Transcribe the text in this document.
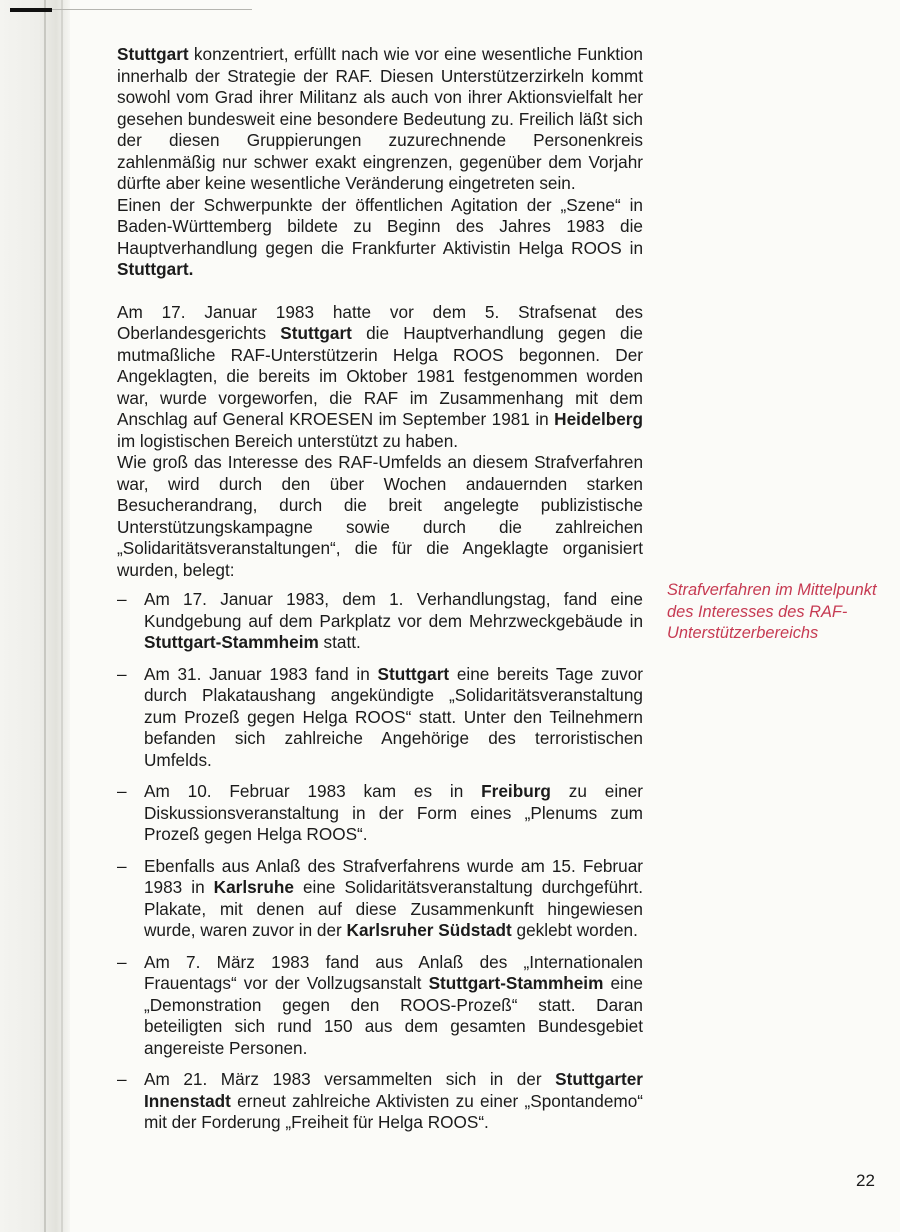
Stuttgart konzentriert, erfüllt nach wie vor eine wesentliche Funktion innerhalb der Strategie der RAF. Diesen Unterstützerzirkeln kommt sowohl vom Grad ihrer Militanz als auch von ihrer Aktionsvielfalt her gesehen bundesweit eine besondere Bedeutung zu. Freilich läßt sich der diesen Gruppierungen zuzurechnende Personenkreis zahlenmäßig nur schwer exakt eingrenzen, gegenüber dem Vorjahr dürfte aber keine wesentliche Veränderung eingetreten sein.

Einen der Schwerpunkte der öffentlichen Agitation der „Szene“ in Baden-Württemberg bildete zu Beginn des Jahres 1983 die Hauptverhandlung gegen die Frankfurter Aktivistin Helga ROOS in Stuttgart.

Am 17. Januar 1983 hatte vor dem 5. Strafsenat des Oberlandesgerichts Stuttgart die Hauptverhandlung gegen die mutmaßliche RAF-Unterstützerin Helga ROOS begonnen. Der Angeklagten, die bereits im Oktober 1981 festgenommen worden war, wurde vorgeworfen, die RAF im Zusammenhang mit dem Anschlag auf General KROESEN im September 1981 in Heidelberg im logistischen Bereich unterstützt zu haben.

Wie groß das Interesse des RAF-Umfelds an diesem Strafverfahren war, wird durch den über Wochen andauernden starken Besucherandrang, durch die breit angelegte publizistische Unterstützungskampagne sowie durch die zahlreichen „Solidaritätsveranstaltungen“, die für die Angeklagte organisiert wurden, belegt:

– Am 17. Januar 1983, dem 1. Verhandlungstag, fand eine Kundgebung auf dem Parkplatz vor dem Mehrzweckgebäude in Stuttgart-Stammheim statt.
– Am 31. Januar 1983 fand in Stuttgart eine bereits Tage zuvor durch Plakataushang angekündigte „Solidaritätsveranstaltung zum Prozeß gegen Helga ROOS“ statt. Unter den Teilnehmern befanden sich zahlreiche Angehörige des terroristischen Umfelds.
– Am 10. Februar 1983 kam es in Freiburg zu einer Diskussionsveranstaltung in der Form eines „Plenums zum Prozeß gegen Helga ROOS“.
– Ebenfalls aus Anlaß des Strafverfahrens wurde am 15. Februar 1983 in Karlsruhe eine Solidaritätsveranstaltung durchgeführt. Plakate, mit denen auf diese Zusammenkunft hingewiesen wurde, waren zuvor in der Karlsruher Südstadt geklebt worden.
– Am 7. März 1983 fand aus Anlaß des „Internationalen Frauentags“ vor der Vollzugsanstalt Stuttgart-Stammheim eine „Demonstration gegen den ROOS-Prozeß“ statt. Daran beteiligten sich rund 150 aus dem gesamten Bundesgebiet angereiste Personen.
– Am 21. März 1983 versammelten sich in der Stuttgarter Innenstadt erneut zahlreiche Aktivisten zu einer „Spontandemo“ mit der Forderung „Freiheit für Helga ROOS“.
Strafverfahren im Mittelpunkt des Interesses des RAF-Unterstützerbereichs
22
